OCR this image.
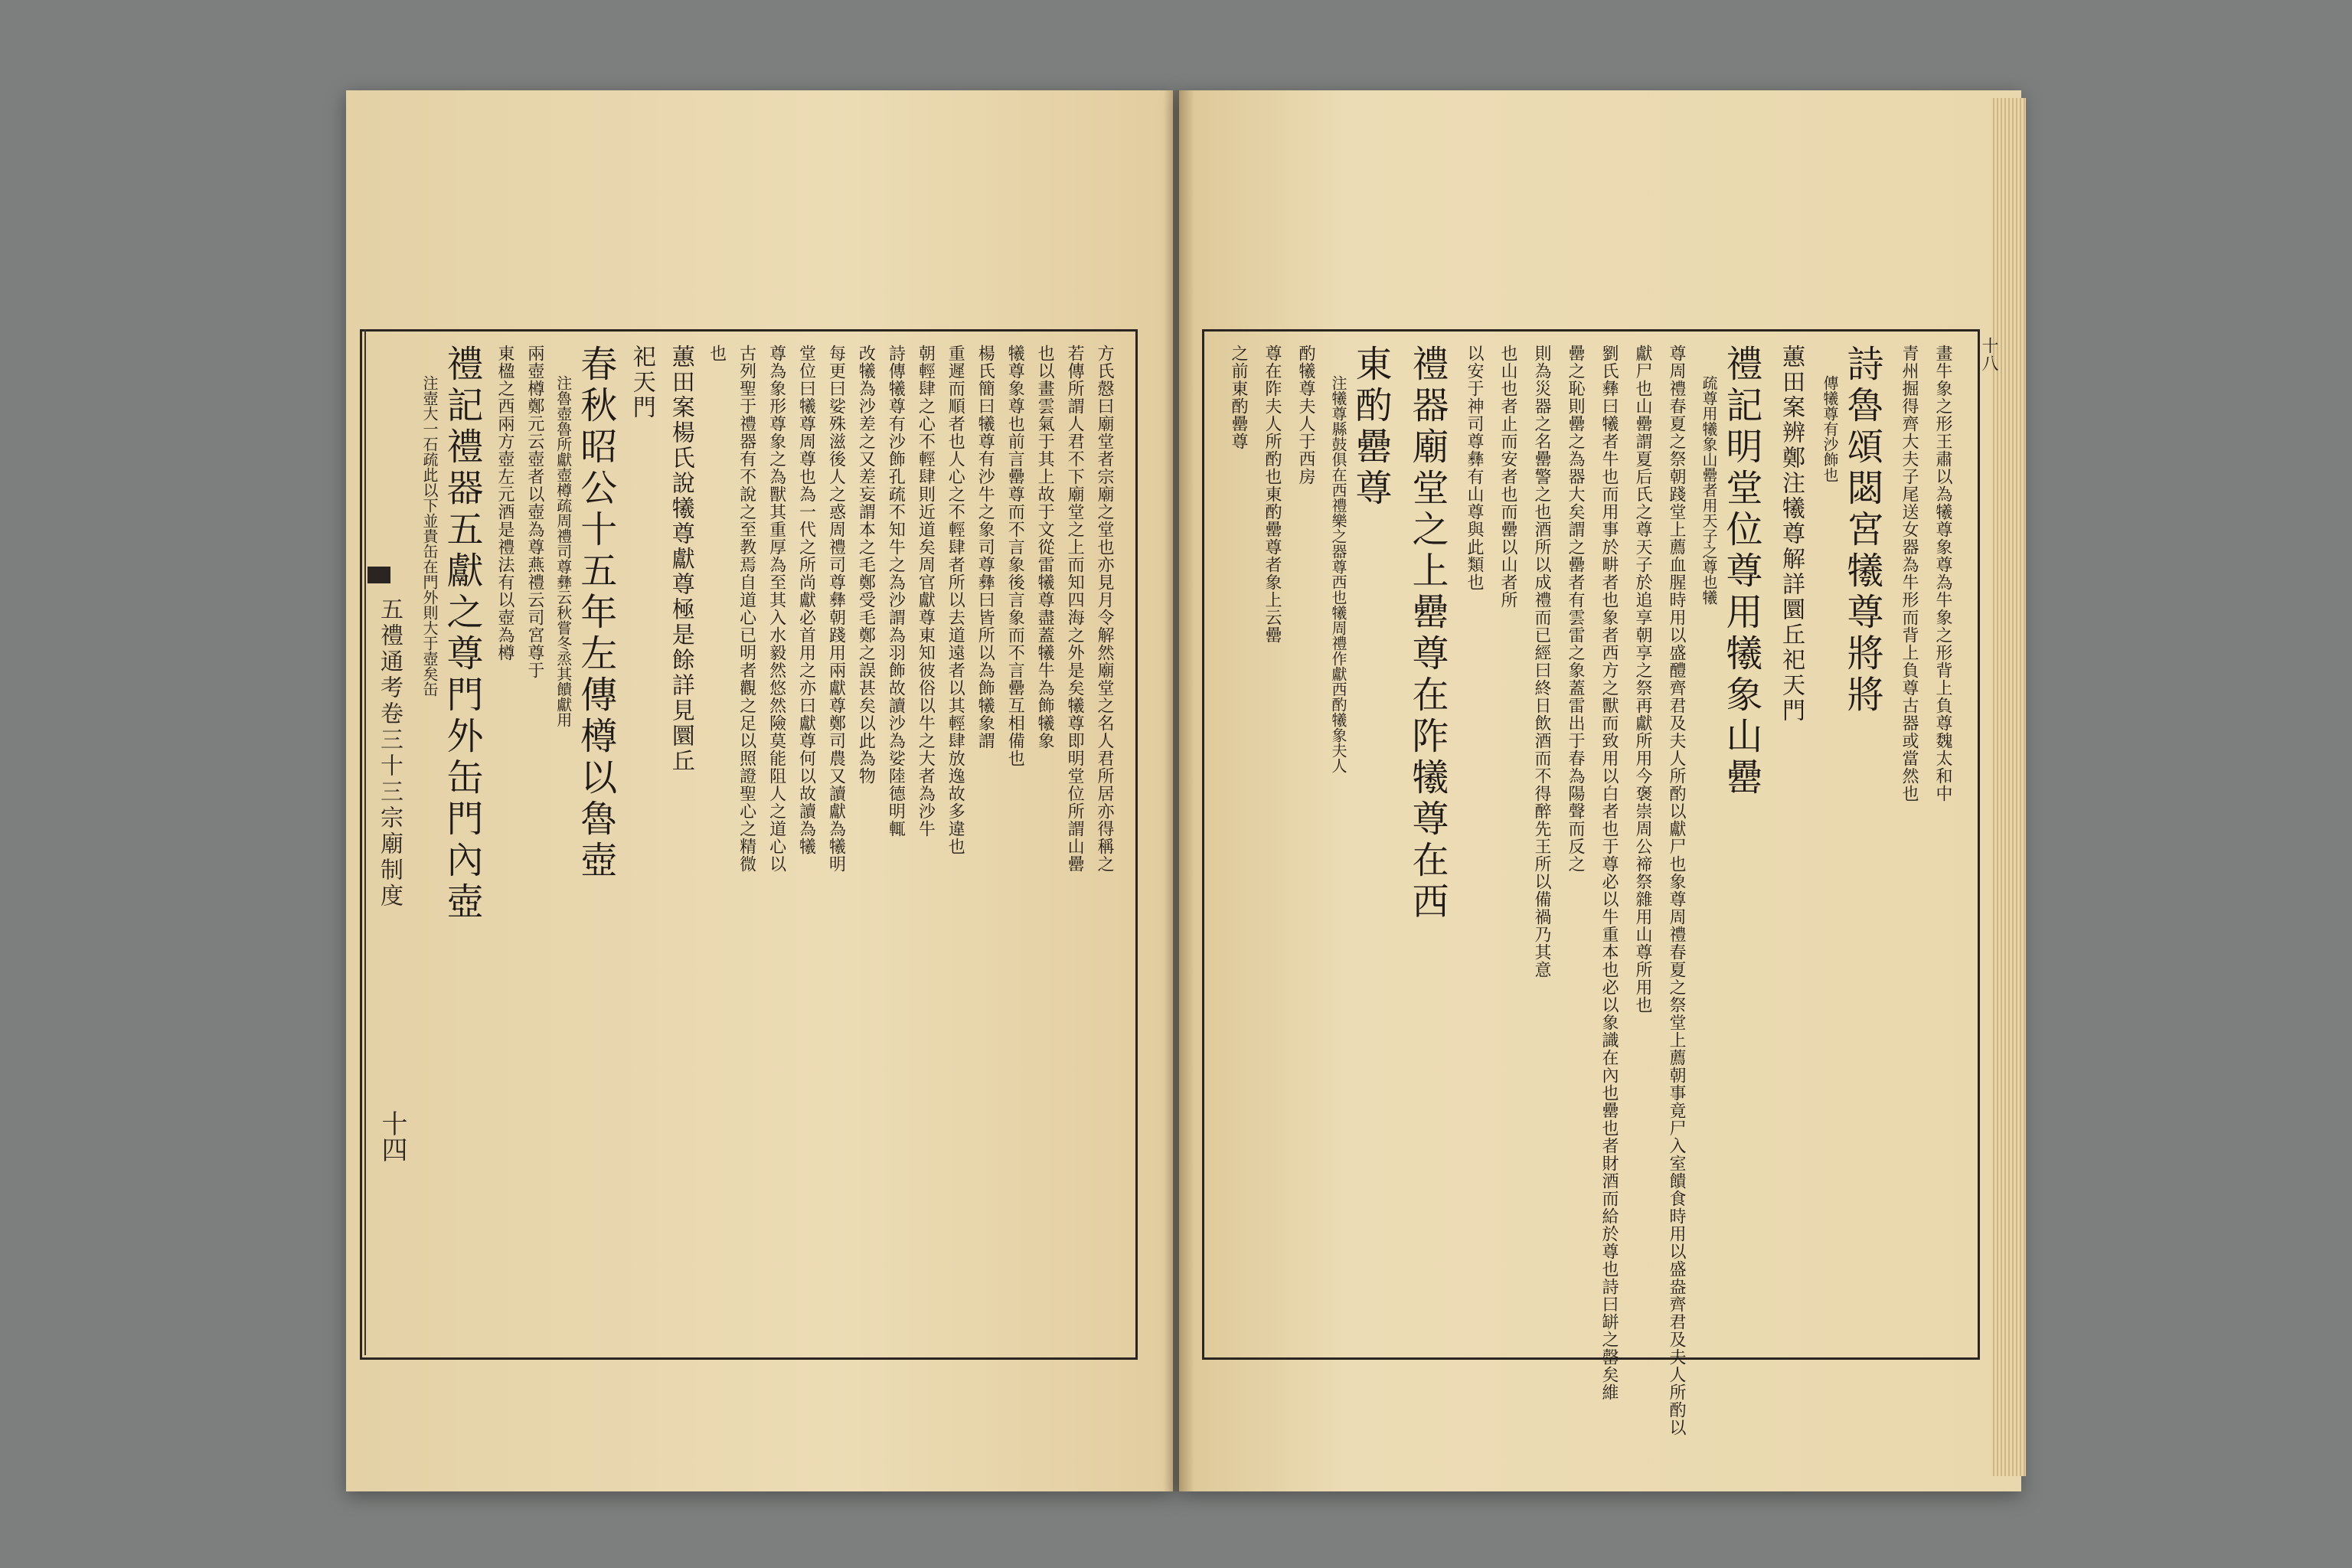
五禮通考卷三十三宗廟制度
十四
十八
畫牛象之形王肅以為犧尊象尊為牛象之形背上負尊魏太和中
青州掘得齊大夫子尾送女器為牛形而背上負尊古器或當然也
詩魯頌閟宮犧尊將將
傳犧尊有沙飾也
蕙田案辨鄭注犧尊解詳圜丘祀天門
禮記明堂位尊用犧象山罍
疏尊用犧象山罍者用天子之尊也犧
尊周禮春夏之祭朝踐堂上薦血腥時用以盛醴齊君及夫人所酌以獻尸也象尊周禮春夏之祭堂上薦朝事竟尸入室饋食時用以盛盎齊君及夫人所酌以
獻尸也山罍謂夏后氏之尊天子於追享朝享之祭再獻所用今褒崇周公禘祭雜用山尊所用也
劉氏彝曰犧者牛也而用事於畊者也象者西方之獸而致用以白者也于尊必以牛重本也必以象識在內也罍也者財酒而給於尊也詩曰缾之罄矣維
罍之恥則罍之為器大矣謂之罍者有雲雷之象蓋雷出于春為陽聲而反之
則為災器之名罍警之也酒所以成禮而已經曰終日飲酒而不得醉先王所以備禍乃其意
也山也者止而安者也而罍以山者所
以安于神司尊彝有山尊與此類也
禮器廟堂之上罍尊在阼犧尊在西
東酌罍尊
注犧尊縣鼓俱在西禮樂之器尊西也犧周禮作獻西酌犧象夫人
酌犧尊夫人于西房
尊在阼夫人所酌也東酌罍尊者象上云罍
之前東酌罍尊
方氏慤曰廟堂者宗廟之堂也亦見月令解然廟堂之名人君所居亦得稱之
若傳所謂人君不下廟堂之上而知四海之外是矣犧尊即明堂位所謂山罍
也以畫雲氣于其上故于文從雷犧尊盡蓋犧牛為飾犧象
犧尊象尊也前言罍尊而不言象後言象而不言罍互相備也
楊氏簡曰犧尊有沙牛之象司尊彝曰皆所以為飾犧象謂
重遲而順者也人心之不輕肆者所以去道遠者以其輕肆放逸故多違也
朝輕肆之心不輕肆則近道矣周官獻尊東知彼俗以牛之大者為沙牛
詩傳犧尊有沙飾孔疏不知牛之為沙謂為羽飾故讀沙為娑陸德明輒
改犧為沙差之又差妄謂本之毛鄭受毛鄭之誤甚矣以此為物
每更曰娑殊滋後人之惑周禮司尊彝朝踐用兩獻尊鄭司農又讀獻為犧明
堂位曰犧尊周尊也為一代之所尚獻必首用之亦曰獻尊何以故讀為犧
尊為象形尊象之為獸其重厚為至其入水毅然悠然險莫能阻人之道心以
古列聖于禮器有不說之至教焉自道心已明者觀之足以照證聖心之精微
也
蕙田案楊氏說犧尊獻尊極是餘詳見圜丘
祀天門
春秋昭公十五年左傳樽以魯壺
注魯壺魯所獻壺樽疏周禮司尊彝云秋嘗冬烝其饋獻用
兩壺樽鄭元云壺者以壺為尊燕禮云司宮尊于
東楹之西兩方壺左元酒是禮法有以壺為樽
禮記禮器五獻之尊門外缶門內壺
注壺大一石疏此以下並貴缶在門外則大于壺矣缶
